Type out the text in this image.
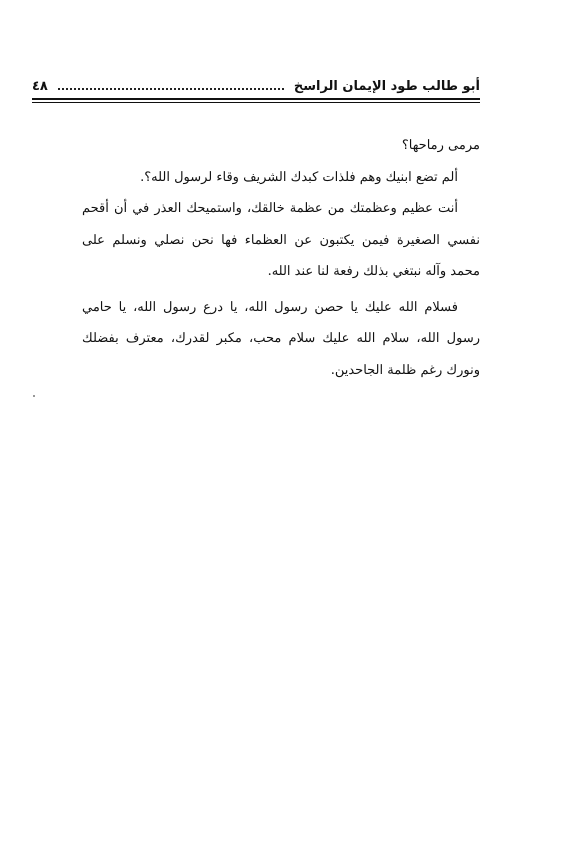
أبو طالب طود الإيمان الراسخ
٤٨

مرمى رماحها؟

ألم تضع ابنيك وهم فلذات كبدك الشريف وقاء لرسول الله؟.

أنت عظيم وعظمتك من عظمة خالقك، واستميحك العذر في أن أقحم نفسي الصغيرة فيمن يكتبون عن العظماء فها نحن نصلي ونسلم على محمد وآله نبتغي بذلك رفعة لنا عند الله.

فسلام الله عليك يا حصن رسول الله، يا درع رسول الله، يا حامي رسول الله، سلام الله عليك سلام محب، مكبر لقدرك، معترف بفضلك ونورك رغم ظلمة الجاحدين.
